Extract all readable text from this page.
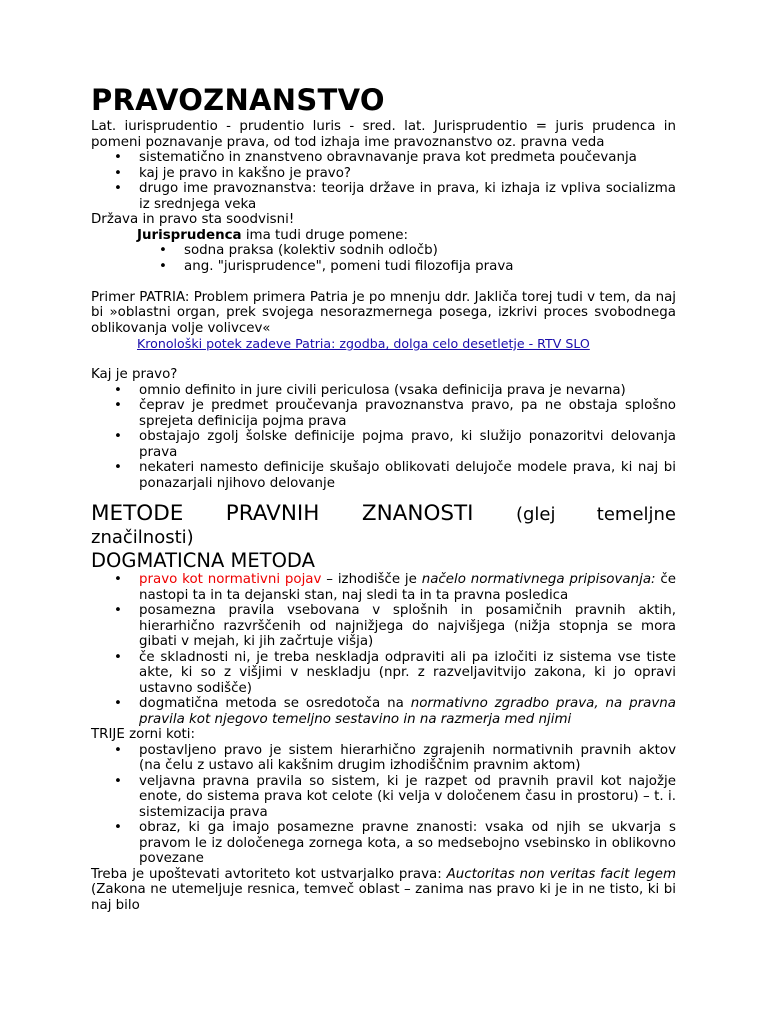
PRAVOZNANSTVO

Lat. iurisprudentio - prudentio luris - sred. lat. Jurisprudentio = juris prudenca in pomeni poznavanje prava, od tod izhaja ime pravoznanstvo oz. pravna veda

• sistematično in znanstveno obravnavanje prava kot predmeta poučevanja
• kaj je pravo in kakšno je pravo?
• drugo ime pravoznanstva: teorija države in prava, ki izhaja iz vpliva socializma iz srednjega veka

Država in pravo sta soodvisni!

Jurisprudenca ima tudi druge pomene:

• sodna praksa (kolektiv sodnih odločb)
• ang. "jurisprudence", pomeni tudi filozofija prava

Primer PATRIA: Problem primera Patria je po mnenju ddr. Jakliča torej tudi v tem, da naj bi »oblastni organ, prek svojega nesorazmernega posega, izkrivi proces svobodnega oblikovanja volje volivcev«

Kronološki potek zadeve Patria: zgodba, dolga celo desetletje - RTV SLO

Kaj je pravo?

• omnio definito in jure civili periculosa (vsaka definicija prava je nevarna)
• čeprav je predmet proučevanja pravoznanstva pravo, pa ne obstaja splošno sprejeta definicija pojma prava
• obstajajo zgolj šolske definicije pojma pravo, ki služijo ponazoritvi delovanja prava
• nekateri namesto definicije skušajo oblikovati delujoče modele prava, ki naj bi ponazarjali njihovo delovanje
METODE PRAVNIH ZNANOSTI (glej temeljne
značilnosti)
DOGMATICNA METODA
• pravo kot normativni pojav – izhodišče je načelo normativnega pripisovanja: če nastopi ta in ta dejanski stan, naj sledi ta in ta pravna posledica
• posamezna pravila vsebovana v splošnih in posamičnih pravnih aktih, hierarhično razvrščenih od najnižjega do najvišjega (nižja stopnja se mora gibati v mejah, ki jih začrtuje višja)
• če skladnosti ni, je treba neskladja odpraviti ali pa izločiti iz sistema vse tiste akte, ki so z višjimi v neskladju (npr. z razveljavitvijo zakona, ki jo opravi ustavno sodišče)
• dogmatična metoda se osredotoča na normativno zgradbo prava, na pravna pravila kot njegovo temeljno sestavino in na razmerja med njimi

TRIJE zorni koti:

• postavljeno pravo je sistem hierarhično zgrajenih normativnih pravnih aktov (na čelu z ustavo ali kakšnim drugim izhodiščnim pravnim aktom)
• veljavna pravna pravila so sistem, ki je razpet od pravnih pravil kot najožje enote, do sistema prava kot celote (ki velja v določenem času in prostoru) – t. i. sistemizacija prava
• obraz, ki ga imajo posamezne pravne znanosti: vsaka od njih se ukvarja s pravom le iz določenega zornega kota, a so medsebojno vsebinsko in oblikovno povezane

Treba je upoštevati avtoriteto kot ustvarjalko prava: Auctoritas non veritas facit legem (Zakona ne utemeljuje resnica, temveč oblast – zanima nas pravo ki je in ne tisto, ki bi naj bilo
